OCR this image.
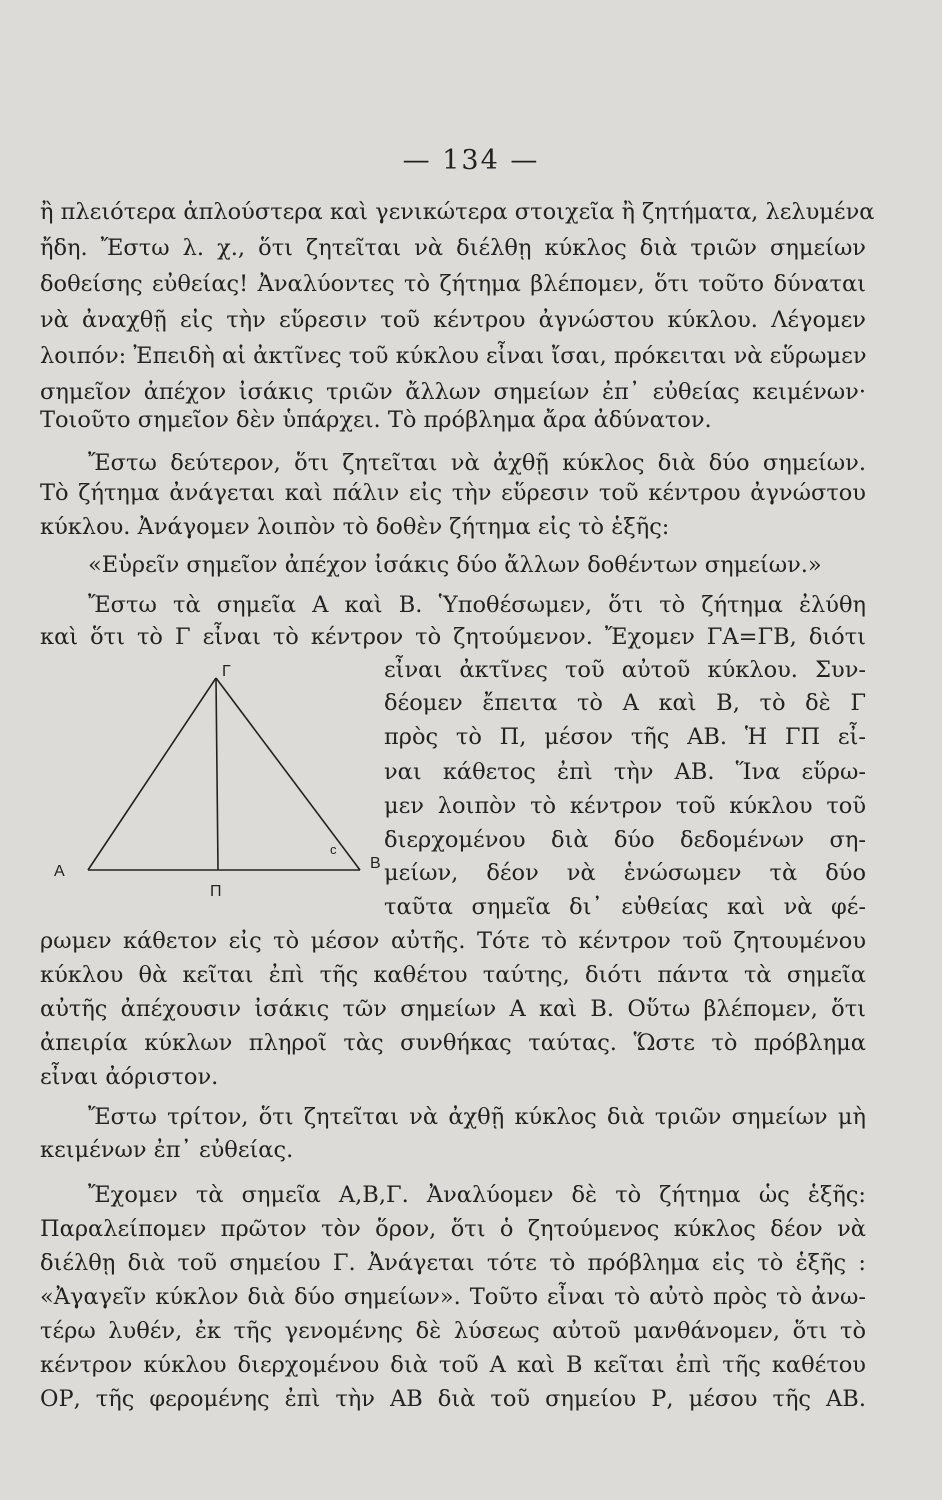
— 134 —
ἢ πλειότερα ἁπλούστερα καὶ γενικώτερα στοιχεῖα ἢ ζητήματα, λελυμένα
ἤδη. Ἔστω λ. χ., ὅτι ζητεῖται νὰ διέλθῃ κύκλος διὰ τριῶν σημείων
δοθείσης εὐθείας! Ἀναλύοντες τὸ ζήτημα βλέπομεν, ὅτι τοῦτο δύναται
νὰ ἀναχθῇ εἰς τὴν εὕρεσιν τοῦ κέντρου ἀγνώστου κύκλου. Λέγομεν
λοιπόν: Ἐπειδὴ αἱ ἀκτῖνες τοῦ κύκλου εἶναι ἴσαι, πρόκειται νὰ εὕρωμεν
σημεῖον ἀπέχον ἰσάκις τριῶν ἄλλων σημείων ἐπ᾽ εὐθείας κειμένων·
Τοιοῦτο σημεῖον δὲν ὑπάρχει. Τὸ πρόβλημα ἄρα ἀδύνατον.
Ἔστω δεύτερον, ὅτι ζητεῖται νὰ ἀχθῇ κύκλος διὰ δύο σημείων.
Τὸ ζήτημα ἀνάγεται καὶ πάλιν εἰς τὴν εὕρεσιν τοῦ κέντρου ἀγνώστου
κύκλου. Ἀνάγομεν λοιπὸν τὸ δοθὲν ζήτημα εἰς τὸ ἑξῆς:
«Εὑρεῖν σημεῖον ἀπέχον ἰσάκις δύο ἄλλων δοθέντων σημείων.»
Ἔστω τὰ σημεῖα Α καὶ Β. Ὑποθέσωμεν, ὅτι τὸ ζήτημα ἐλύθη
καὶ ὅτι τὸ Γ εἶναι τὸ κέντρον τὸ ζητούμενον. Ἔχομεν ΓΑ=ΓΒ, διότι
A	B
Γ
Π
c
εἶναι ἀκτῖνες τοῦ αὐτοῦ κύκλου. Συν-
δέομεν ἔπειτα τὸ Α καὶ Β, τὸ δὲ Γ
πρὸς τὸ Π, μέσον τῆς ΑΒ. Ἡ ΓΠ εἶ-
ναι κάθετος ἐπὶ τὴν ΑΒ. Ἵνα εὕρω-
μεν λοιπὸν τὸ κέντρον τοῦ κύκλου τοῦ
διερχομένου διὰ δύο δεδομένων ση-
μείων, δέον νὰ ἑνώσωμεν τὰ δύο
ταῦτα σημεῖα δι᾽ εὐθείας καὶ νὰ φέ-
ρωμεν κάθετον εἰς τὸ μέσον αὐτῆς. Τότε τὸ κέντρον τοῦ ζητουμένου
κύκλου θὰ κεῖται ἐπὶ τῆς καθέτου ταύτης, διότι πάντα τὰ σημεῖα
αὐτῆς ἀπέχουσιν ἰσάκις τῶν σημείων Α καὶ Β. Οὕτω βλέπομεν, ὅτι
ἀπειρία κύκλων πληροῖ τὰς συνθήκας ταύτας. Ὥστε τὸ πρόβλημα
εἶναι ἀόριστον.
Ἔστω τρίτον, ὅτι ζητεῖται νὰ ἀχθῇ κύκλος διὰ τριῶν σημείων μὴ
κειμένων ἐπ᾽ εὐθείας.
Ἔχομεν τὰ σημεῖα Α,Β,Γ. Ἀναλύομεν δὲ τὸ ζήτημα ὡς ἑξῆς:
Παραλείπομεν πρῶτον τὸν ὅρον, ὅτι ὁ ζητούμενος κύκλος δέον νὰ
διέλθῃ διὰ τοῦ σημείου Γ. Ἀνάγεται τότε τὸ πρόβλημα εἰς τὸ ἑξῆς :
«Ἀγαγεῖν κύκλον διὰ δύο σημείων». Τοῦτο εἶναι τὸ αὐτὸ πρὸς τὸ ἀνω-
τέρω λυθέν, ἐκ τῆς γενομένης δὲ λύσεως αὐτοῦ μανθάνομεν, ὅτι τὸ
κέντρον κύκλου διερχομένου διὰ τοῦ Α καὶ Β κεῖται ἐπὶ τῆς καθέτου
ΟΡ, τῆς φερομένης ἐπὶ τὴν ΑΒ διὰ τοῦ σημείου Ρ, μέσου τῆς ΑΒ.
